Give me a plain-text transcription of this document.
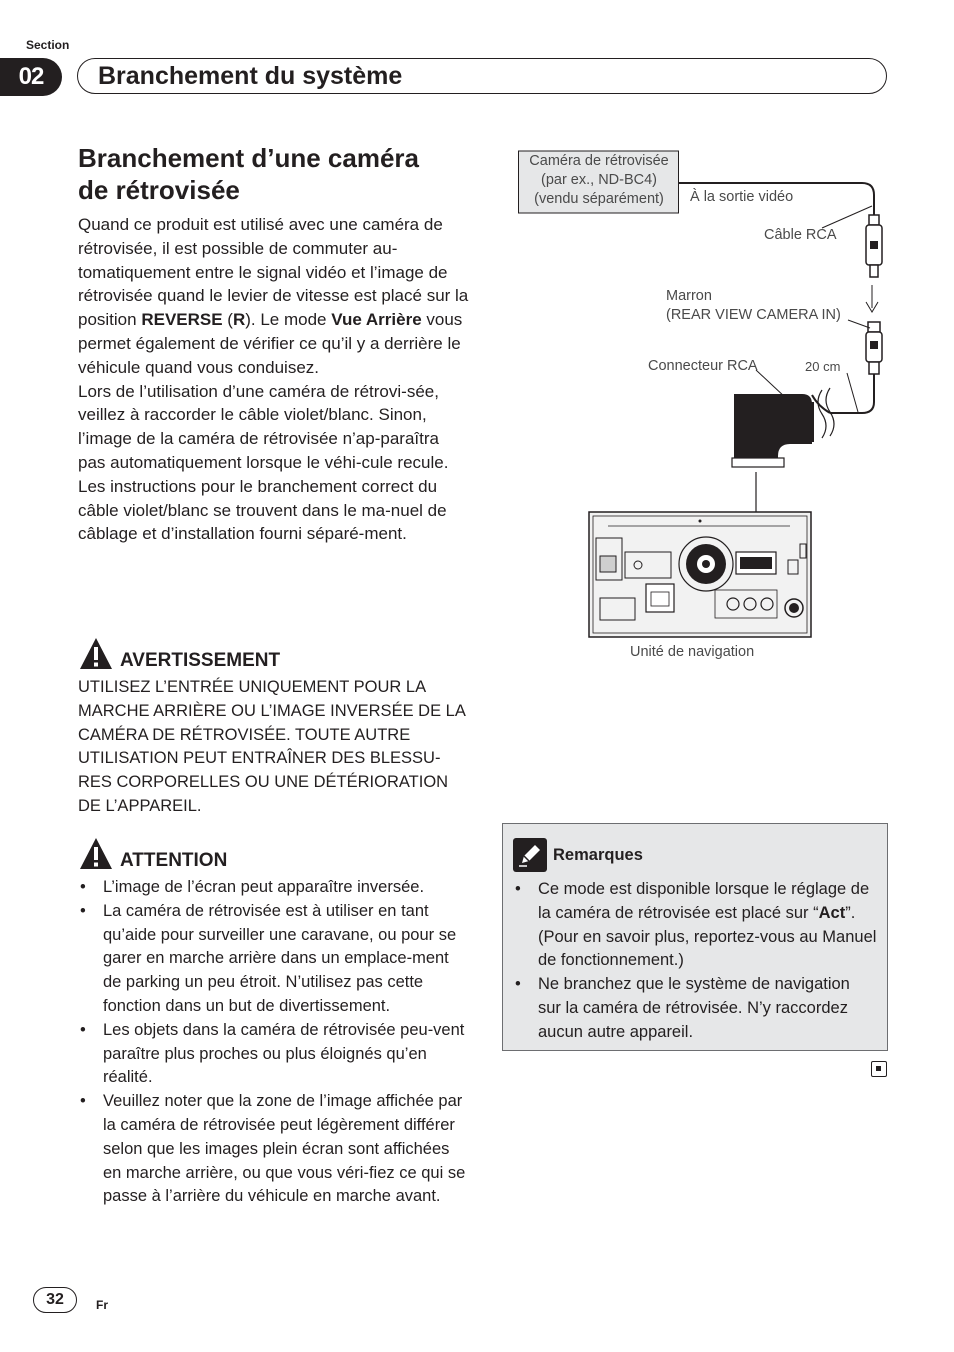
Section
02	Branchement du système
Branchement d’une caméra
de rétrovisée

Quand ce produit est utilisé avec une caméra de rétrovisée, il est possible de commuter au-tomatiquement entre le signal vidéo et l’image de rétrovisée quand le levier de vitesse est placé sur la position REVERSE (R). Le mode Vue Arrière vous permet également de vérifier ce qu’il y a derrière le véhicule quand vous conduisez.

Lors de l’utilisation d’une caméra de rétrovi-sée, veillez à raccorder le câble violet/blanc. Sinon, l’image de la caméra de rétrovisée n’ap-paraîtra pas automatiquement lorsque le véhi-cule recule.

Les instructions pour le branchement correct du câble violet/blanc se trouvent dans le ma-nuel de câblage et d’installation fourni séparé-ment.

AVERTISSEMENT

UTILISEZ L’ENTRÉE UNIQUEMENT POUR LA MARCHE ARRIÈRE OU L’IMAGE INVERSÉE DE LA CAMÉRA DE RÉTROVISÉE. TOUTE AUTRE UTILISATION PEUT ENTRAÎNER DES BLESSU-RES CORPORELLES OU UNE DÉTÉRIORATION DE L’APPAREIL.

ATTENTION
• L’image de l’écran peut apparaître inversée.
• La caméra de rétrovisée est à utiliser en tant qu’aide pour surveiller une caravane, ou pour se garer en marche arrière dans un emplace-ment de parking un peu étroit. N’utilisez pas cette fonction dans un but de divertissement.
• Les objets dans la caméra de rétrovisée peu-vent paraître plus proches ou plus éloignés qu’en réalité.
• Veuillez noter que la zone de l’image affichée par la caméra de rétrovisée peut légèrement différer selon que les images plein écran sont affichées en marche arrière, ou que vous véri-fiez ce qui se passe à l’arrière du véhicule en marche avant.
Caméra de rétrovisée
(par ex., ND-BC4)
(vendu séparément)	À la sortie vidéo
Câble RCA
Marron
(REAR VIEW CAMERA IN)
Connecteur RCA	20 cm
Unité de navigation
Remarques
• Ce mode est disponible lorsque le réglage de la caméra de rétrovisée est placé sur “Act”. (Pour en savoir plus, reportez-vous au Manuel de fonctionnement.)
• Ne branchez que le système de navigation sur la caméra de rétrovisée. N’y raccordez aucun autre appareil.
32	Fr
